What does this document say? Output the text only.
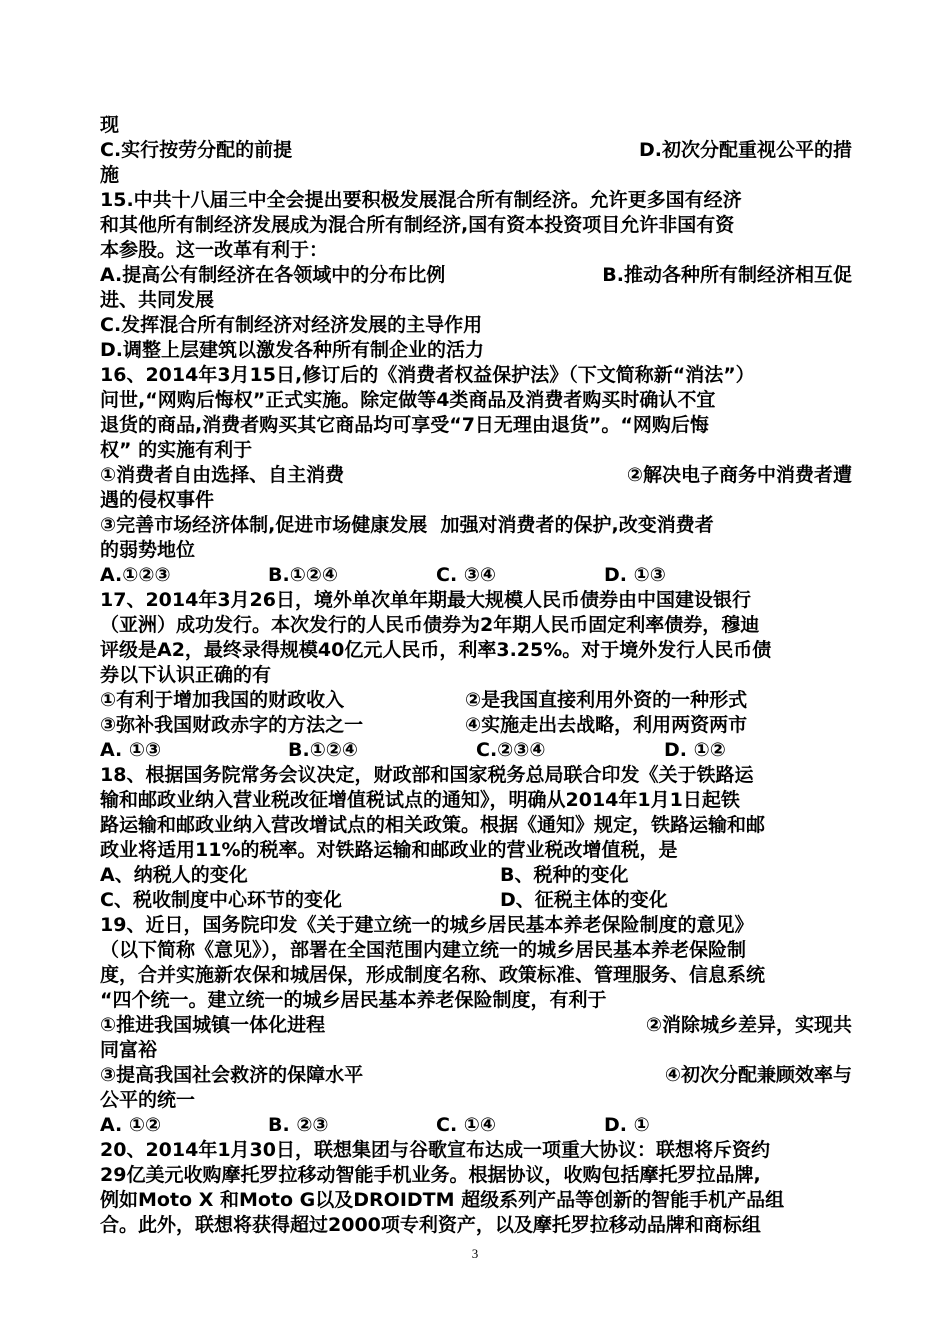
现
C.实行按劳分配的前提	D.初次分配重视公平的措
施
15.中共十八届三中全会提出要积极发展混合所有制经济。允许更多国有经济
和其他所有制经济发展成为混合所有制经济,国有资本投资项目允许非国有资
本参股。这一改革有利于：
A.提高公有制经济在各领域中的分布比例	B.推动各种所有制经济相互促
进、共同发展
C.发挥混合所有制经济对经济发展的主导作用
D.调整上层建筑以激发各种所有制企业的活力
16、2014年3月15日,修订后的《消费者权益保护法》（下文简称新“消法”）
问世,“网购后悔权”正式实施。除定做等4类商品及消费者购买时确认不宜
退货的商品,消费者购买其它商品均可享受“7日无理由退货”。“网购后悔
权” 的实施有利于
①消费者自由选择、自主消费	②解决电子商务中消费者遭
遇的侵权事件
③完善市场经济体制,促进市场健康发展  加强对消费者的保护,改变消费者
的弱势地位
A.①②③	B.①②④	C. ③④	D. ①③
17、2014年3月26日，境外单次单年期最大规模人民币债券由中国建设银行
（亚洲）成功发行。本次发行的人民币债券为2年期人民币固定利率债券，穆迪
评级是A2，最终录得规模40亿元人民币，利率3.25%。对于境外发行人民币债
券以下认识正确的有
①有利于增加我国的财政收入	②是我国直接利用外资的一种形式
③弥补我国财政赤字的方法之一	④实施走出去战略，利用两资两市
A. ①③	B.①②④	C.②③④	D. ①②
18、根据国务院常务会议决定，财政部和国家税务总局联合印发《关于铁路运
输和邮政业纳入营业税改征增值税试点的通知》，明确从2014年1月1日起铁
路运输和邮政业纳入营改增试点的相关政策。根据《通知》规定，铁路运输和邮
政业将适用11%的税率。对铁路运输和邮政业的营业税改增值税，是
A、纳税人的变化	B、税种的变化
C、税收制度中心环节的变化	D、征税主体的变化
19、近日，国务院印发《关于建立统一的城乡居民基本养老保险制度的意见》
（以下简称《意见》），部署在全国范围内建立统一的城乡居民基本养老保险制
度，合并实施新农保和城居保，形成制度名称、政策标准、管理服务、信息系统
“四个统一。建立统一的城乡居民基本养老保险制度，有利于
①推进我国城镇一体化进程	②消除城乡差异，实现共
同富裕
③提高我国社会救济的保障水平	④初次分配兼顾效率与
公平的统一
A. ①②	B. ②③	C. ①④	D. ①
20、2014年1月30日，联想集团与谷歌宣布达成一项重大协议：联想将斥资约
29亿美元收购摩托罗拉移动智能手机业务。根据协议，收购包括摩托罗拉品牌,
例如Moto X 和Moto G以及DROIDTM 超级系列产品等创新的智能手机产品组
合。此外，联想将获得超过2000项专利资产，以及摩托罗拉移动品牌和商标组
3
